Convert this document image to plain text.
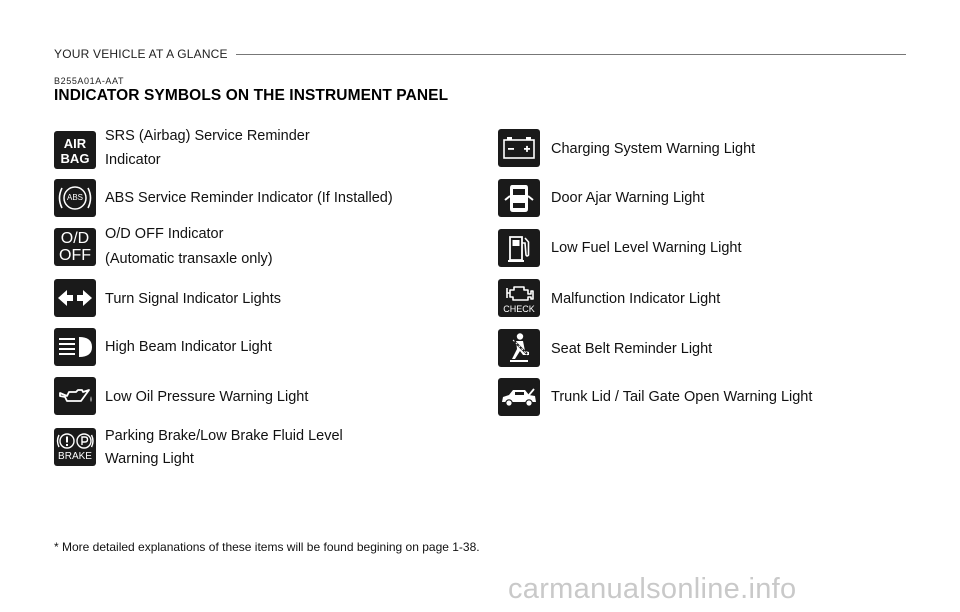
YOUR VEHICLE AT A GLANCE
B255A01A-AAT
INDICATOR SYMBOLS ON THE INSTRUMENT PANEL
AIR
BAG
SRS (Airbag) Service Reminder
Indicator
ABS	ABS Service Reminder Indicator (If Installed)
O/D
OFF
O/D OFF Indicator
(Automatic transaxle only)
Turn Signal Indicator Lights
High Beam Indicator Light
Low Oil Pressure Warning Light
BRAKE
Parking Brake/Low Brake Fluid Level
Warning Light
Charging System Warning Light
Door Ajar Warning Light
Low Fuel Level Warning Light
CHECK
Malfunction Indicator Light
Seat Belt Reminder Light
Trunk Lid / Tail Gate Open Warning Light
* More detailed explanations of these items will be found begining on page 1-38.
carmanualsonline.info
